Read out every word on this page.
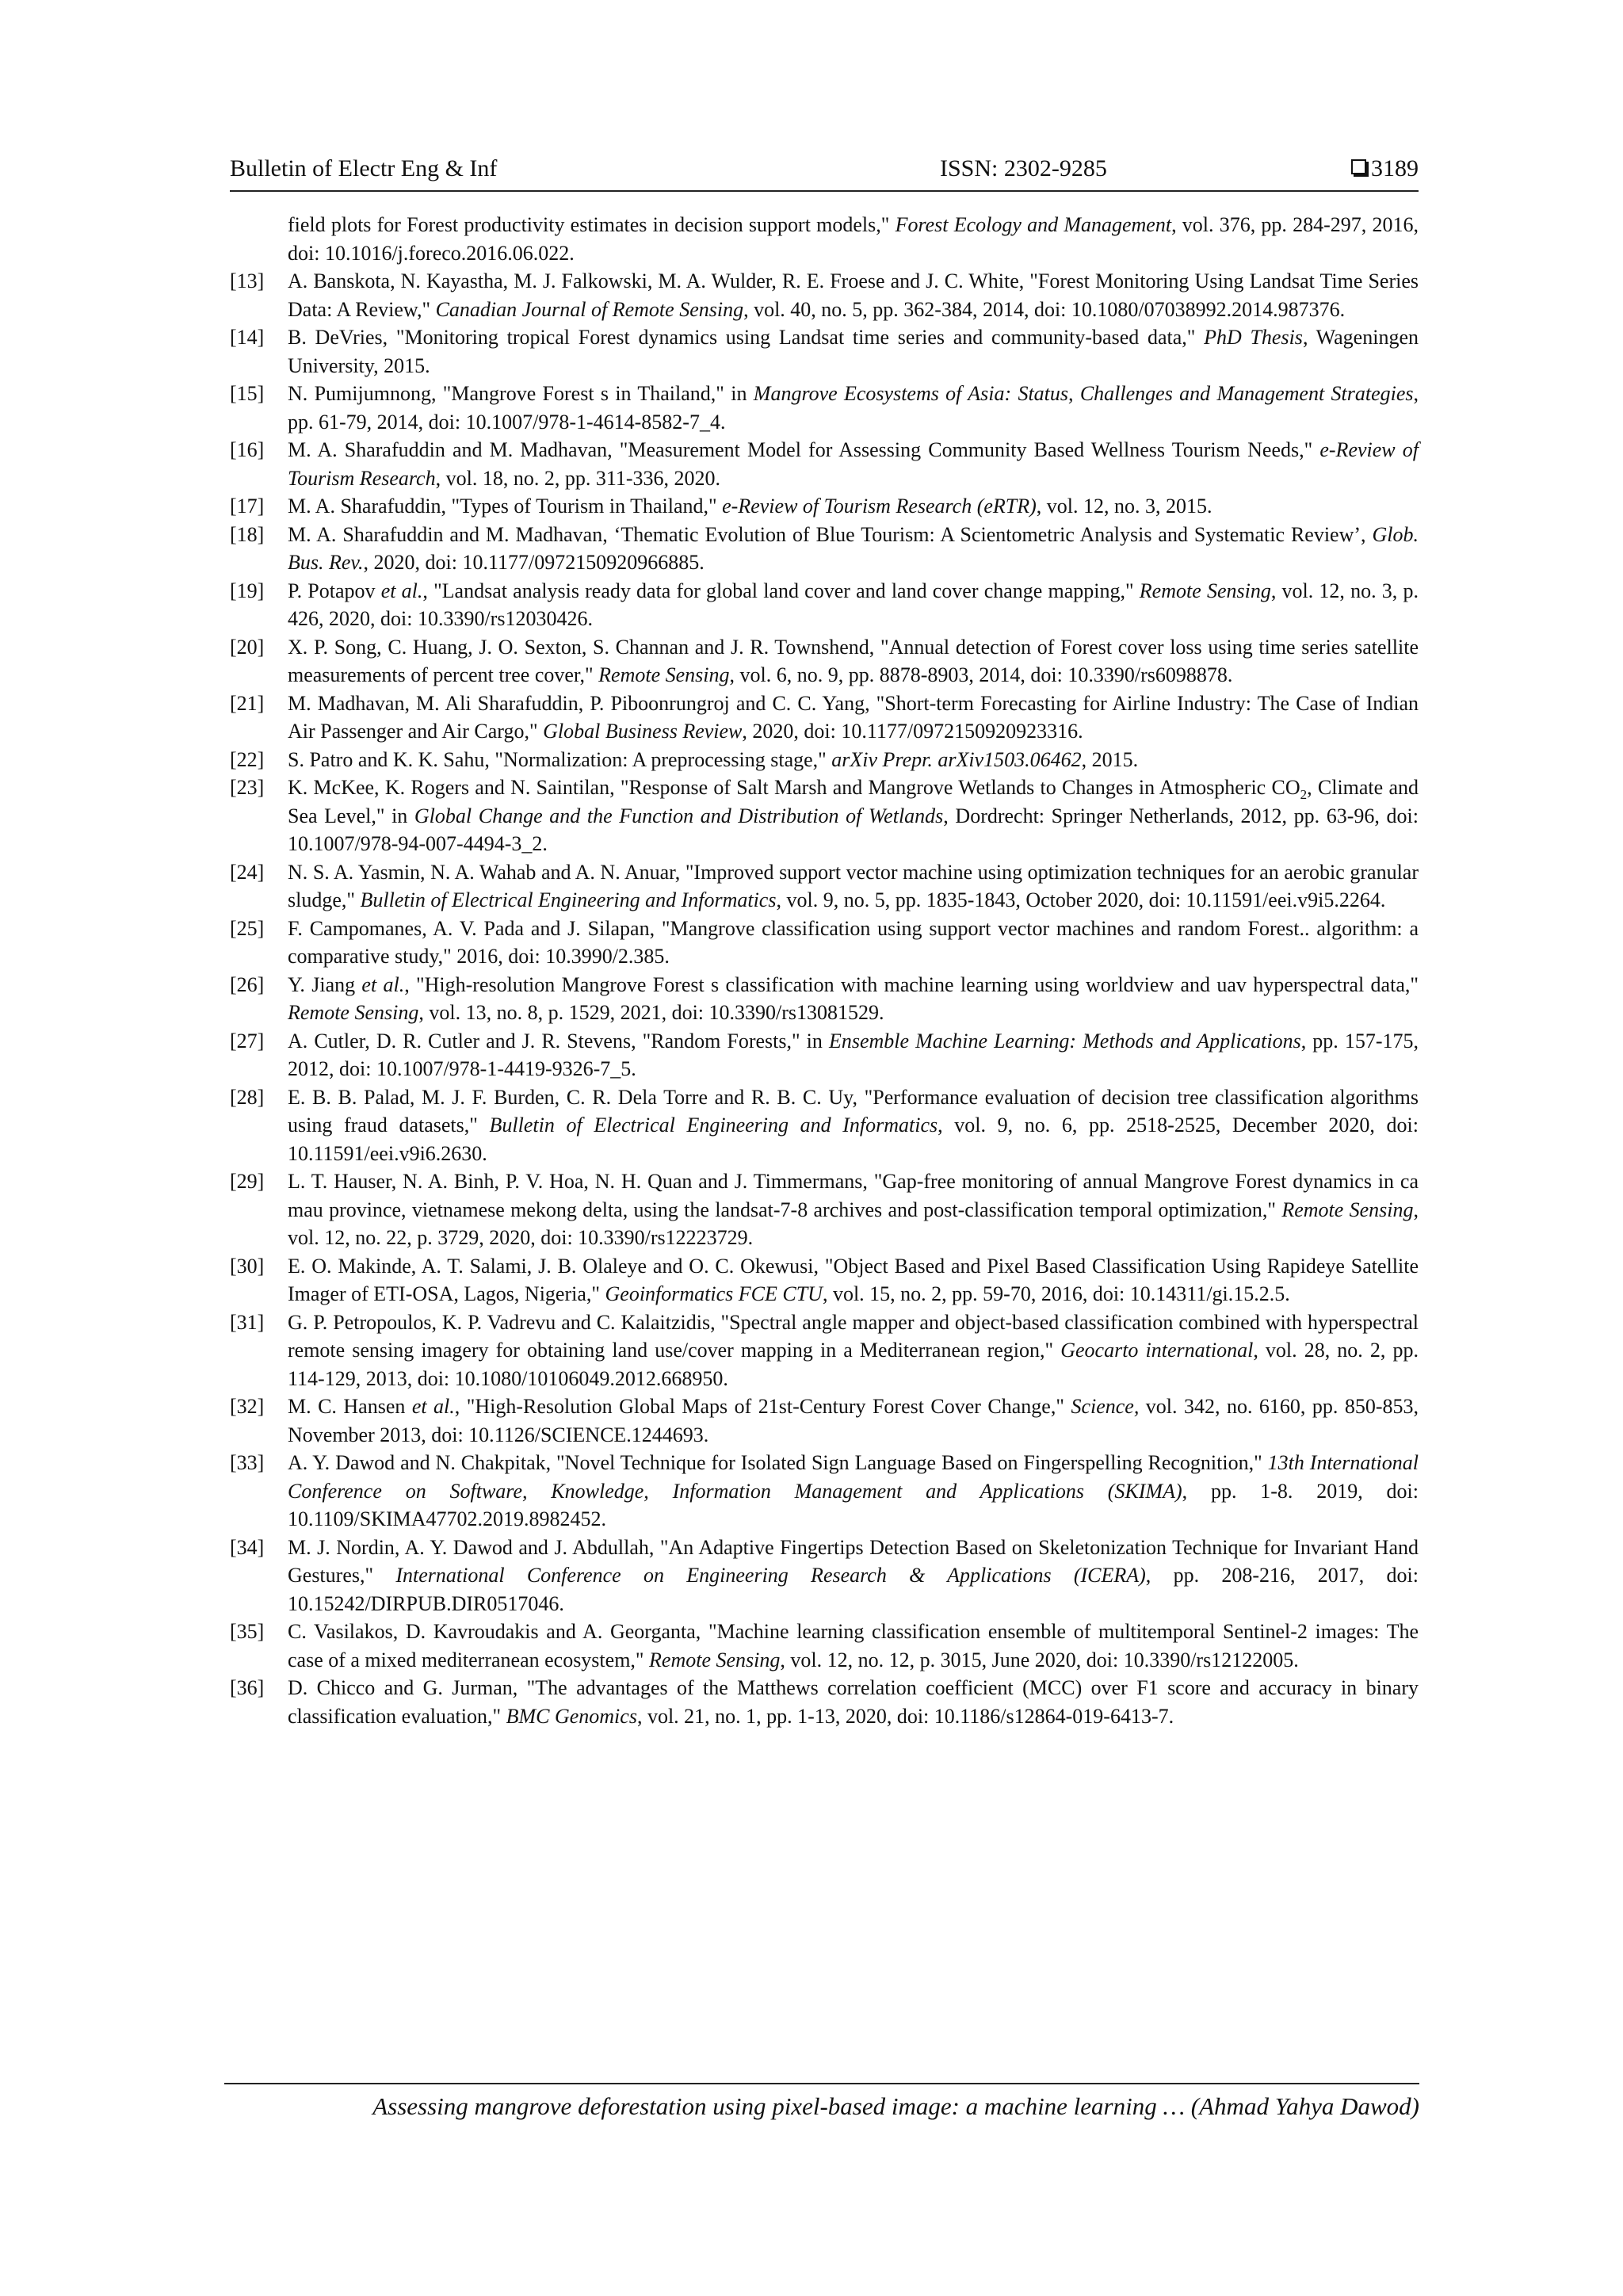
Bulletin of Electr Eng & Inf	ISSN: 2302-9285	3189
field plots for Forest productivity estimates in decision support models," Forest Ecology and Management, vol. 376, pp. 284-297, 2016, doi: 10.1016/j.foreco.2016.06.022.
[13] A. Banskota, N. Kayastha, M. J. Falkowski, M. A. Wulder, R. E. Froese and J. C. White, "Forest Monitoring Using Landsat Time Series Data: A Review," Canadian Journal of Remote Sensing, vol. 40, no. 5, pp. 362-384, 2014, doi: 10.1080/07038992.2014.987376.
[14] B. DeVries, "Monitoring tropical Forest dynamics using Landsat time series and community-based data," PhD Thesis, Wageningen University, 2015.
[15] N. Pumijumnong, "Mangrove Forest s in Thailand," in Mangrove Ecosystems of Asia: Status, Challenges and Management Strategies, pp. 61-79, 2014, doi: 10.1007/978-1-4614-8582-7_4.
[16] M. A. Sharafuddin and M. Madhavan, "Measurement Model for Assessing Community Based Wellness Tourism Needs," e-Review of Tourism Research, vol. 18, no. 2, pp. 311-336, 2020.
[17] M. A. Sharafuddin, "Types of Tourism in Thailand," e-Review of Tourism Research (eRTR), vol. 12, no. 3, 2015.
[18] M. A. Sharafuddin and M. Madhavan, ‘Thematic Evolution of Blue Tourism: A Scientometric Analysis and Systematic Review’, Glob. Bus. Rev., 2020, doi: 10.1177/0972150920966885.
[19] P. Potapov et al., "Landsat analysis ready data for global land cover and land cover change mapping," Remote Sensing, vol. 12, no. 3, p. 426, 2020, doi: 10.3390/rs12030426.
[20] X. P. Song, C. Huang, J. O. Sexton, S. Channan and J. R. Townshend, "Annual detection of Forest cover loss using time series satellite measurements of percent tree cover," Remote Sensing, vol. 6, no. 9, pp. 8878-8903, 2014, doi: 10.3390/rs6098878.
[21] M. Madhavan, M. Ali Sharafuddin, P. Piboonrungroj and C. C. Yang, "Short-term Forecasting for Airline Industry: The Case of Indian Air Passenger and Air Cargo," Global Business Review, 2020, doi: 10.1177/0972150920923316.
[22] S. Patro and K. K. Sahu, "Normalization: A preprocessing stage," arXiv Prepr. arXiv1503.06462, 2015.
[23] K. McKee, K. Rogers and N. Saintilan, "Response of Salt Marsh and Mangrove Wetlands to Changes in Atmospheric $CO_2$, Climate and Sea Level," in Global Change and the Function and Distribution of Wetlands, Dordrecht: Springer Netherlands, 2012, pp. 63-96, doi: 10.1007/978-94-007-4494-3_2.
[24] N. S. A. Yasmin, N. A. Wahab and A. N. Anuar, "Improved support vector machine using optimization techniques for an aerobic granular sludge," Bulletin of Electrical Engineering and Informatics, vol. 9, no. 5, pp. 1835-1843, October 2020, doi: 10.11591/eei.v9i5.2264.
[25] F. Campomanes, A. V. Pada and J. Silapan, "Mangrove classification using support vector machines and random Forest.. algorithm: a comparative study," 2016, doi: 10.3990/2.385.
[26] Y. Jiang et al., "High-resolution Mangrove Forest s classification with machine learning using worldview and uav hyperspectral data," Remote Sensing, vol. 13, no. 8, p. 1529, 2021, doi: 10.3390/rs13081529.
[27] A. Cutler, D. R. Cutler and J. R. Stevens, "Random Forests," in Ensemble Machine Learning: Methods and Applications, pp. 157-175, 2012, doi: 10.1007/978-1-4419-9326-7_5.
[28] E. B. B. Palad, M. J. F. Burden, C. R. Dela Torre and R. B. C. Uy, "Performance evaluation of decision tree classification algorithms using fraud datasets," Bulletin of Electrical Engineering and Informatics, vol. 9, no. 6, pp. 2518-2525, December 2020, doi: 10.11591/eei.v9i6.2630.
[29] L. T. Hauser, N. A. Binh, P. V. Hoa, N. H. Quan and J. Timmermans, "Gap-free monitoring of annual Mangrove Forest dynamics in ca mau province, vietnamese mekong delta, using the landsat-7-8 archives and post-classification temporal optimization," Remote Sensing, vol. 12, no. 22, p. 3729, 2020, doi: 10.3390/rs12223729.
[30] E. O. Makinde, A. T. Salami, J. B. Olaleye and O. C. Okewusi, "Object Based and Pixel Based Classification Using Rapideye Satellite Imager of ETI-OSA, Lagos, Nigeria," Geoinformatics FCE CTU, vol. 15, no. 2, pp. 59-70, 2016, doi: 10.14311/gi.15.2.5.
[31] G. P. Petropoulos, K. P. Vadrevu and C. Kalaitzidis, "Spectral angle mapper and object-based classification combined with hyperspectral remote sensing imagery for obtaining land use/cover mapping in a Mediterranean region," Geocarto international, vol. 28, no. 2, pp. 114-129, 2013, doi: 10.1080/10106049.2012.668950.
[32] M. C. Hansen et al., "High-Resolution Global Maps of 21st-Century Forest Cover Change," Science, vol. 342, no. 6160, pp. 850-853, November 2013, doi: 10.1126/SCIENCE.1244693.
[33] A. Y. Dawod and N. Chakpitak, "Novel Technique for Isolated Sign Language Based on Fingerspelling Recognition," 13th International Conference on Software, Knowledge, Information Management and Applications (SKIMA), pp. 1-8. 2019, doi: 10.1109/SKIMA47702.2019.8982452.
[34] M. J. Nordin, A. Y. Dawod and J. Abdullah, "An Adaptive Fingertips Detection Based on Skeletonization Technique for Invariant Hand Gestures," International Conference on Engineering Research & Applications (ICERA), pp. 208-216, 2017, doi: 10.15242/DIRPUB.DIR0517046.
[35] C. Vasilakos, D. Kavroudakis and A. Georganta, "Machine learning classification ensemble of multitemporal Sentinel-2 images: The case of a mixed mediterranean ecosystem," Remote Sensing, vol. 12, no. 12, p. 3015, June 2020, doi: 10.3390/rs12122005.
[36] D. Chicco and G. Jurman, "The advantages of the Matthews correlation coefficient (MCC) over F1 score and accuracy in binary classification evaluation," BMC Genomics, vol. 21, no. 1, pp. 1-13, 2020, doi: 10.1186/s12864-019-6413-7.
Assessing mangrove deforestation using pixel-based image: a machine learning … (Ahmad Yahya Dawod)
